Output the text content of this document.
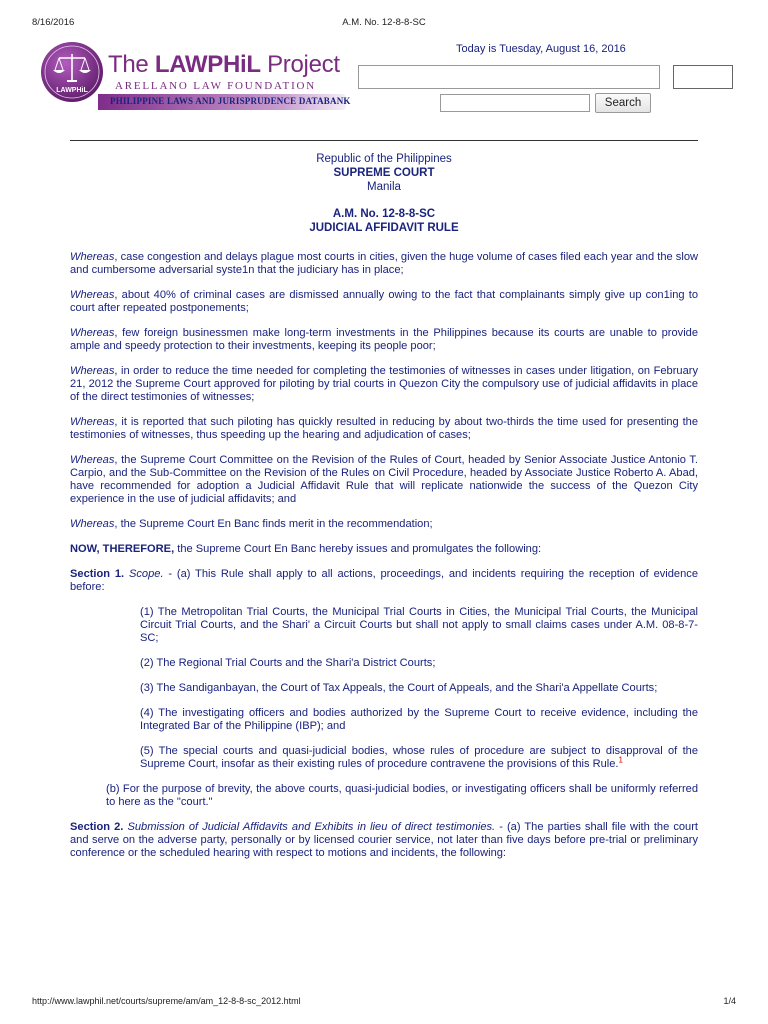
8/16/2016	A.M. No. 12-8-8-SC
LAWPHiL
The LAWPHiL Project
ARELLANO LAW FOUNDATION
PHILIPPINE LAWS AND JURISPRUDENCE DATABANK
Today is Tuesday, August 16, 2016
Search
Republic of the Philippines
SUPREME COURT
Manila
A.M. No. 12-8-8-SC
JUDICIAL AFFIDAVIT RULE

Whereas, case congestion and delays plague most courts in cities, given the huge volume of cases filed each year and the slow and cumbersome adversarial syste1n that the judiciary has in place;

Whereas, about 40% of criminal cases are dismissed annually owing to the fact that complainants simply give up con1ing to court after repeated postponements;

Whereas, few foreign businessmen make long-term investments in the Philippines because its courts are unable to provide ample and speedy protection to their investments, keeping its people poor;

Whereas, in order to reduce the time needed for completing the testimonies of witnesses in cases under litigation, on February 21, 2012 the Supreme Court approved for piloting by trial courts in Quezon City the compulsory use of judicial affidavits in place of the direct testimonies of witnesses;

Whereas, it is reported that such piloting has quickly resulted in reducing by about two-thirds the time used for presenting the testimonies of witnesses, thus speeding up the hearing and adjudication of cases;

Whereas, the Supreme Court Committee on the Revision of the Rules of Court, headed by Senior Associate Justice Antonio T. Carpio, and the Sub-Committee on the Revision of the Rules on Civil Procedure, headed by Associate Justice Roberto A. Abad, have recommended for adoption a Judicial Affidavit Rule that will replicate nationwide the success of the Quezon City experience in the use of judicial affidavits; and

Whereas, the Supreme Court En Banc finds merit in the recommendation;

NOW, THEREFORE, the Supreme Court En Banc hereby issues and promulgates the following:

Section 1. Scope. - (a) This Rule shall apply to all actions, proceedings, and incidents requiring the reception of evidence before:

(1) The Metropolitan Trial Courts, the Municipal Trial Courts in Cities, the Municipal Trial Courts, the Municipal Circuit Trial Courts, and the Shari' a Circuit Courts but shall not apply to small claims cases under A.M. 08-8-7-SC;

(2) The Regional Trial Courts and the Shari'a District Courts;

(3) The Sandiganbayan, the Court of Tax Appeals, the Court of Appeals, and the Shari'a Appellate Courts;

(4) The investigating officers and bodies authorized by the Supreme Court to receive evidence, including the Integrated Bar of the Philippine (IBP); and

(5) The special courts and quasi-judicial bodies, whose rules of procedure are subject to disapproval of the Supreme Court, insofar as their existing rules of procedure contravene the provisions of this Rule.$^1$

(b) For the purpose of brevity, the above courts, quasi-judicial bodies, or investigating officers shall be uniformly referred to here as the "court."

Section 2. Submission of Judicial Affidavits and Exhibits in lieu of direct testimonies. - (a) The parties shall file with the court and serve on the adverse party, personally or by licensed courier service, not later than five days before pre-trial or preliminary conference or the scheduled hearing with respect to motions and incidents, the following:

http://www.lawphil.net/courts/supreme/am/am_12-8-8-sc_2012.html	1/4
